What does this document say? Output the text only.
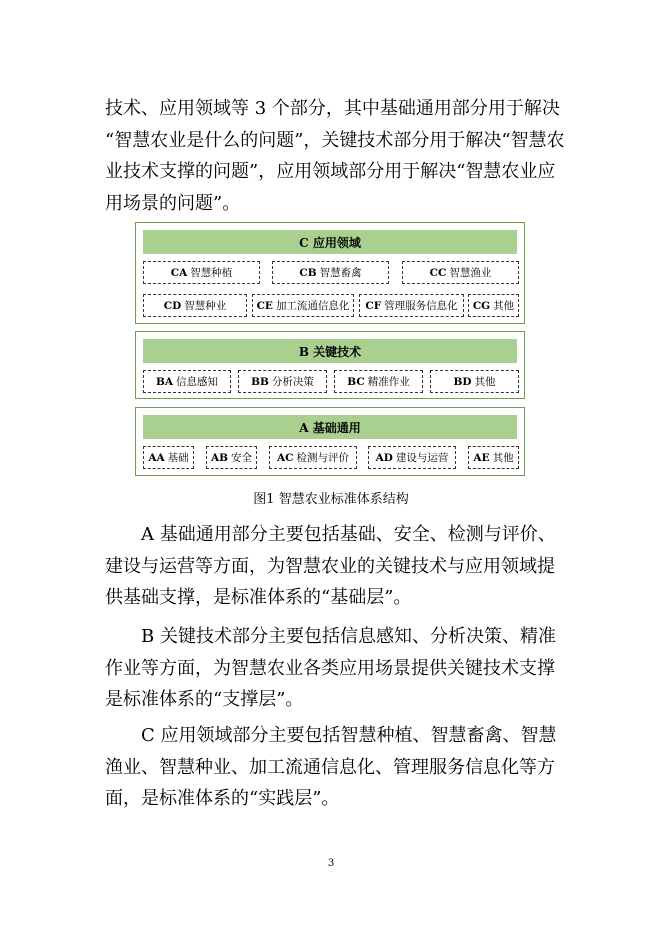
技术、应用领域等 3 个部分，其中基础通用部分用于解决
“智慧农业是什么的问题”，关键技术部分用于解决“智慧农
业技术支撑的问题”，应用领域部分用于解决“智慧农业应
用场景的问题”。
C 应用领域
CA 智慧种植	CB 智慧畜禽	CC 智慧渔业
CD 智慧种业	CE 加工流通信息化 CF 管理服务信息化 CG 其他
B 关键技术
BA 信息感知	BB 分析决策	BC 精准作业	BD 其他
A 基础通用
AA 基础 AB 安全 AC 检测与评价	AD 建设与运营 AE 其他
图1 智慧农业标准体系结构
A 基础通用部分主要包括基础、安全、检测与评价、
建设与运营等方面，为智慧农业的关键技术与应用领域提
供基础支撑，是标准体系的“基础层”。
B 关键技术部分主要包括信息感知、分析决策、精准
作业等方面，为智慧农业各类应用场景提供关键技术支撑
是标准体系的“支撑层”。
C 应用领域部分主要包括智慧种植、智慧畜禽、智慧
渔业、智慧种业、加工流通信息化、管理服务信息化等方
面，是标准体系的“实践层”。
3
